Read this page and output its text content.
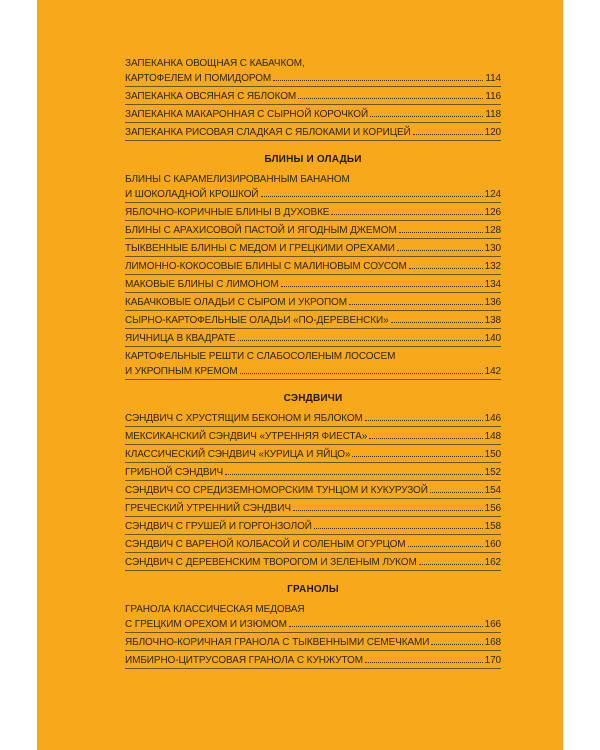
ЗАПЕКАНКА ОВОЩНАЯ С КАБАЧКОМ,
КАРТОФЕЛЕМ И ПОМИДОРОМ	114
ЗАПЕКАНКА ОВСЯНАЯ С ЯБЛОКОМ	116
ЗАПЕКАНКА МАКАРОННАЯ С СЫРНОЙ КОРОЧКОЙ	118
ЗАПЕКАНКА РИСОВАЯ СЛАДКАЯ С ЯБЛОКАМИ И КОРИЦЕЙ	120
БЛИНЫ И ОЛАДЬИ
БЛИНЫ С КАРАМЕЛИЗИРОВАННЫМ БАНАНОМ
И ШОКОЛАДНОЙ КРОШКОЙ	124
ЯБЛОЧНО-КОРИЧНЫЕ БЛИНЫ В ДУХОВКЕ	126
БЛИНЫ С АРАХИСОВОЙ ПАСТОЙ И ЯГОДНЫМ ДЖЕМОМ	128
ТЫКВЕННЫЕ БЛИНЫ С МЕДОМ И ГРЕЦКИМИ ОРЕХАМИ	130
ЛИМОННО-КОКОСОВЫЕ БЛИНЫ С МАЛИНОВЫМ СОУСОМ	132
МАКОВЫЕ БЛИНЫ С ЛИМОНОМ	134
КАБАЧКОВЫЕ ОЛАДЬИ С СЫРОМ И УКРОПОМ	136
СЫРНО-КАРТОФЕЛЬНЫЕ ОЛАДЬИ «ПО-ДЕРЕВЕНСКИ»	138
ЯИЧНИЦА В КВАДРАТЕ	140
КАРТОФЕЛЬНЫЕ РЕШТИ С СЛАБОСОЛЕНЫМ ЛОСОСЕМ
И УКРОПНЫМ КРЕМОМ	142
СЭНДВИЧИ
СЭНДВИЧ С ХРУСТЯЩИМ БЕКОНОМ И ЯБЛОКОМ	146
МЕКСИКАНСКИЙ СЭНДВИЧ «УТРЕННЯЯ ФИЕСТА»	148
КЛАССИЧЕСКИЙ СЭНДВИЧ «КУРИЦА И ЯЙЦО»	150
ГРИБНОЙ СЭНДВИЧ	152
СЭНДВИЧ СО СРЕДИЗЕМНОМОРСКИМ ТУНЦОМ И КУКУРУЗОЙ	154
ГРЕЧЕСКИЙ УТРЕННИЙ СЭНДВИЧ	156
СЭНДВИЧ С ГРУШЕЙ И ГОРГОНЗОЛОЙ	158
СЭНДВИЧ С ВАРЕНОЙ КОЛБАСОЙ И СОЛЕНЫМ ОГУРЦОМ	160
СЭНДВИЧ С ДЕРЕВЕНСКИМ ТВОРОГОМ И ЗЕЛЕНЫМ ЛУКОМ	162
ГРАНОЛЫ
ГРАНОЛА КЛАССИЧЕСКАЯ МЕДОВАЯ
С ГРЕЦКИМ ОРЕХОМ И ИЗЮМОМ	166
ЯБЛОЧНО-КОРИЧНАЯ ГРАНОЛА С ТЫКВЕННЫМИ СЕМЕЧКАМИ	168
ИМБИРНО-ЦИТРУСОВАЯ ГРАНОЛА С КУНЖУТОМ	170
